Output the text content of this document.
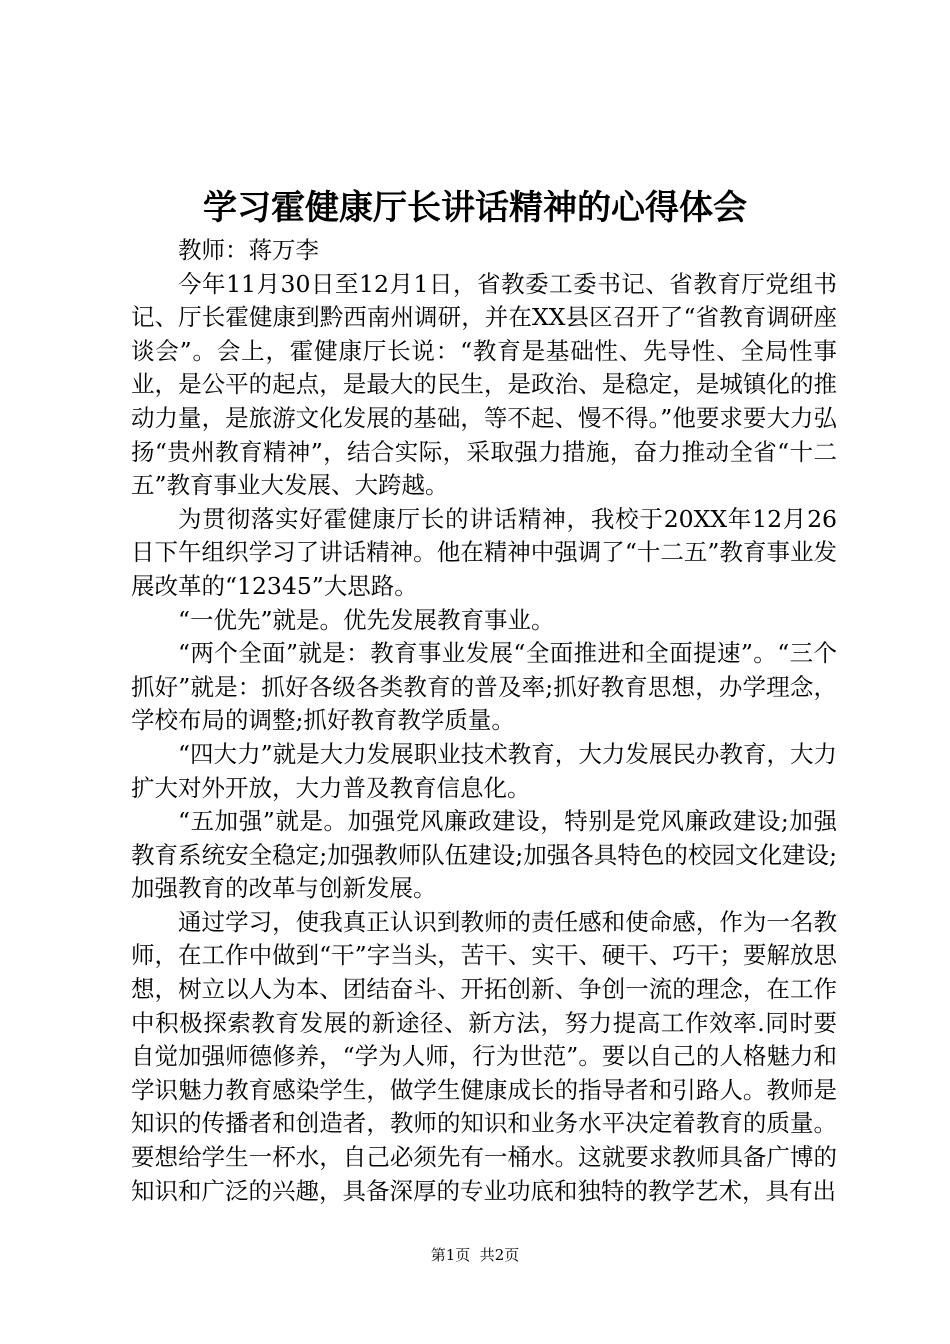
学习霍健康厅长讲话精神的心得体会

教师：蒋万李

今年11月30日至12月1日，省教委工委书记、省教育厅党组书记、厅长霍健康到黔西南州调研，并在XX县区召开了“省教育调研座谈会”。会上，霍健康厅长说：“教育是基础性、先导性、全局性事业，是公平的起点，是最大的民生，是政治、是稳定，是城镇化的推动力量，是旅游文化发展的基础，等不起、慢不得。”他要求要大力弘扬“贵州教育精神”，结合实际，采取强力措施，奋力推动全省“十二五”教育事业大发展、大跨越。

为贯彻落实好霍健康厅长的讲话精神，我校于20XX年12月26日下午组织学习了讲话精神。他在精神中强调了“十二五”教育事业发展改革的“12345”大思路。

“一优先”就是。优先发展教育事业。

“两个全面”就是：教育事业发展“全面推进和全面提速”。“三个抓好”就是：抓好各级各类教育的普及率;抓好教育思想，办学理念，学校布局的调整;抓好教育教学质量。

“四大力”就是大力发展职业技术教育，大力发展民办教育，大力扩大对外开放，大力普及教育信息化。

“五加强”就是。加强党风廉政建设，特别是党风廉政建设;加强教育系统安全稳定;加强教师队伍建设;加强各具特色的校园文化建设;加强教育的改革与创新发展。

通过学习，使我真正认识到教师的责任感和使命感，作为一名教师，在工作中做到“干”字当头，苦干、实干、硬干、巧干；要解放思想，树立以人为本、团结奋斗、开拓创新、争创一流的理念，在工作中积极探索教育发展的新途径、新方法，努力提高工作效率.同时要自觉加强师德修养，“学为人师，行为世范”。要以自己的人格魅力和学识魅力教育感染学生，做学生健康成长的指导者和引路人。教师是知识的传播者和创造者，教师的知识和业务水平决定着教育的质量。要想给学生一杯水，自己必须先有一桶水。这就要求教师具备广博的知识和广泛的兴趣，具备深厚的专业功底和独特的教学艺术，具有出

第1页  共2页
